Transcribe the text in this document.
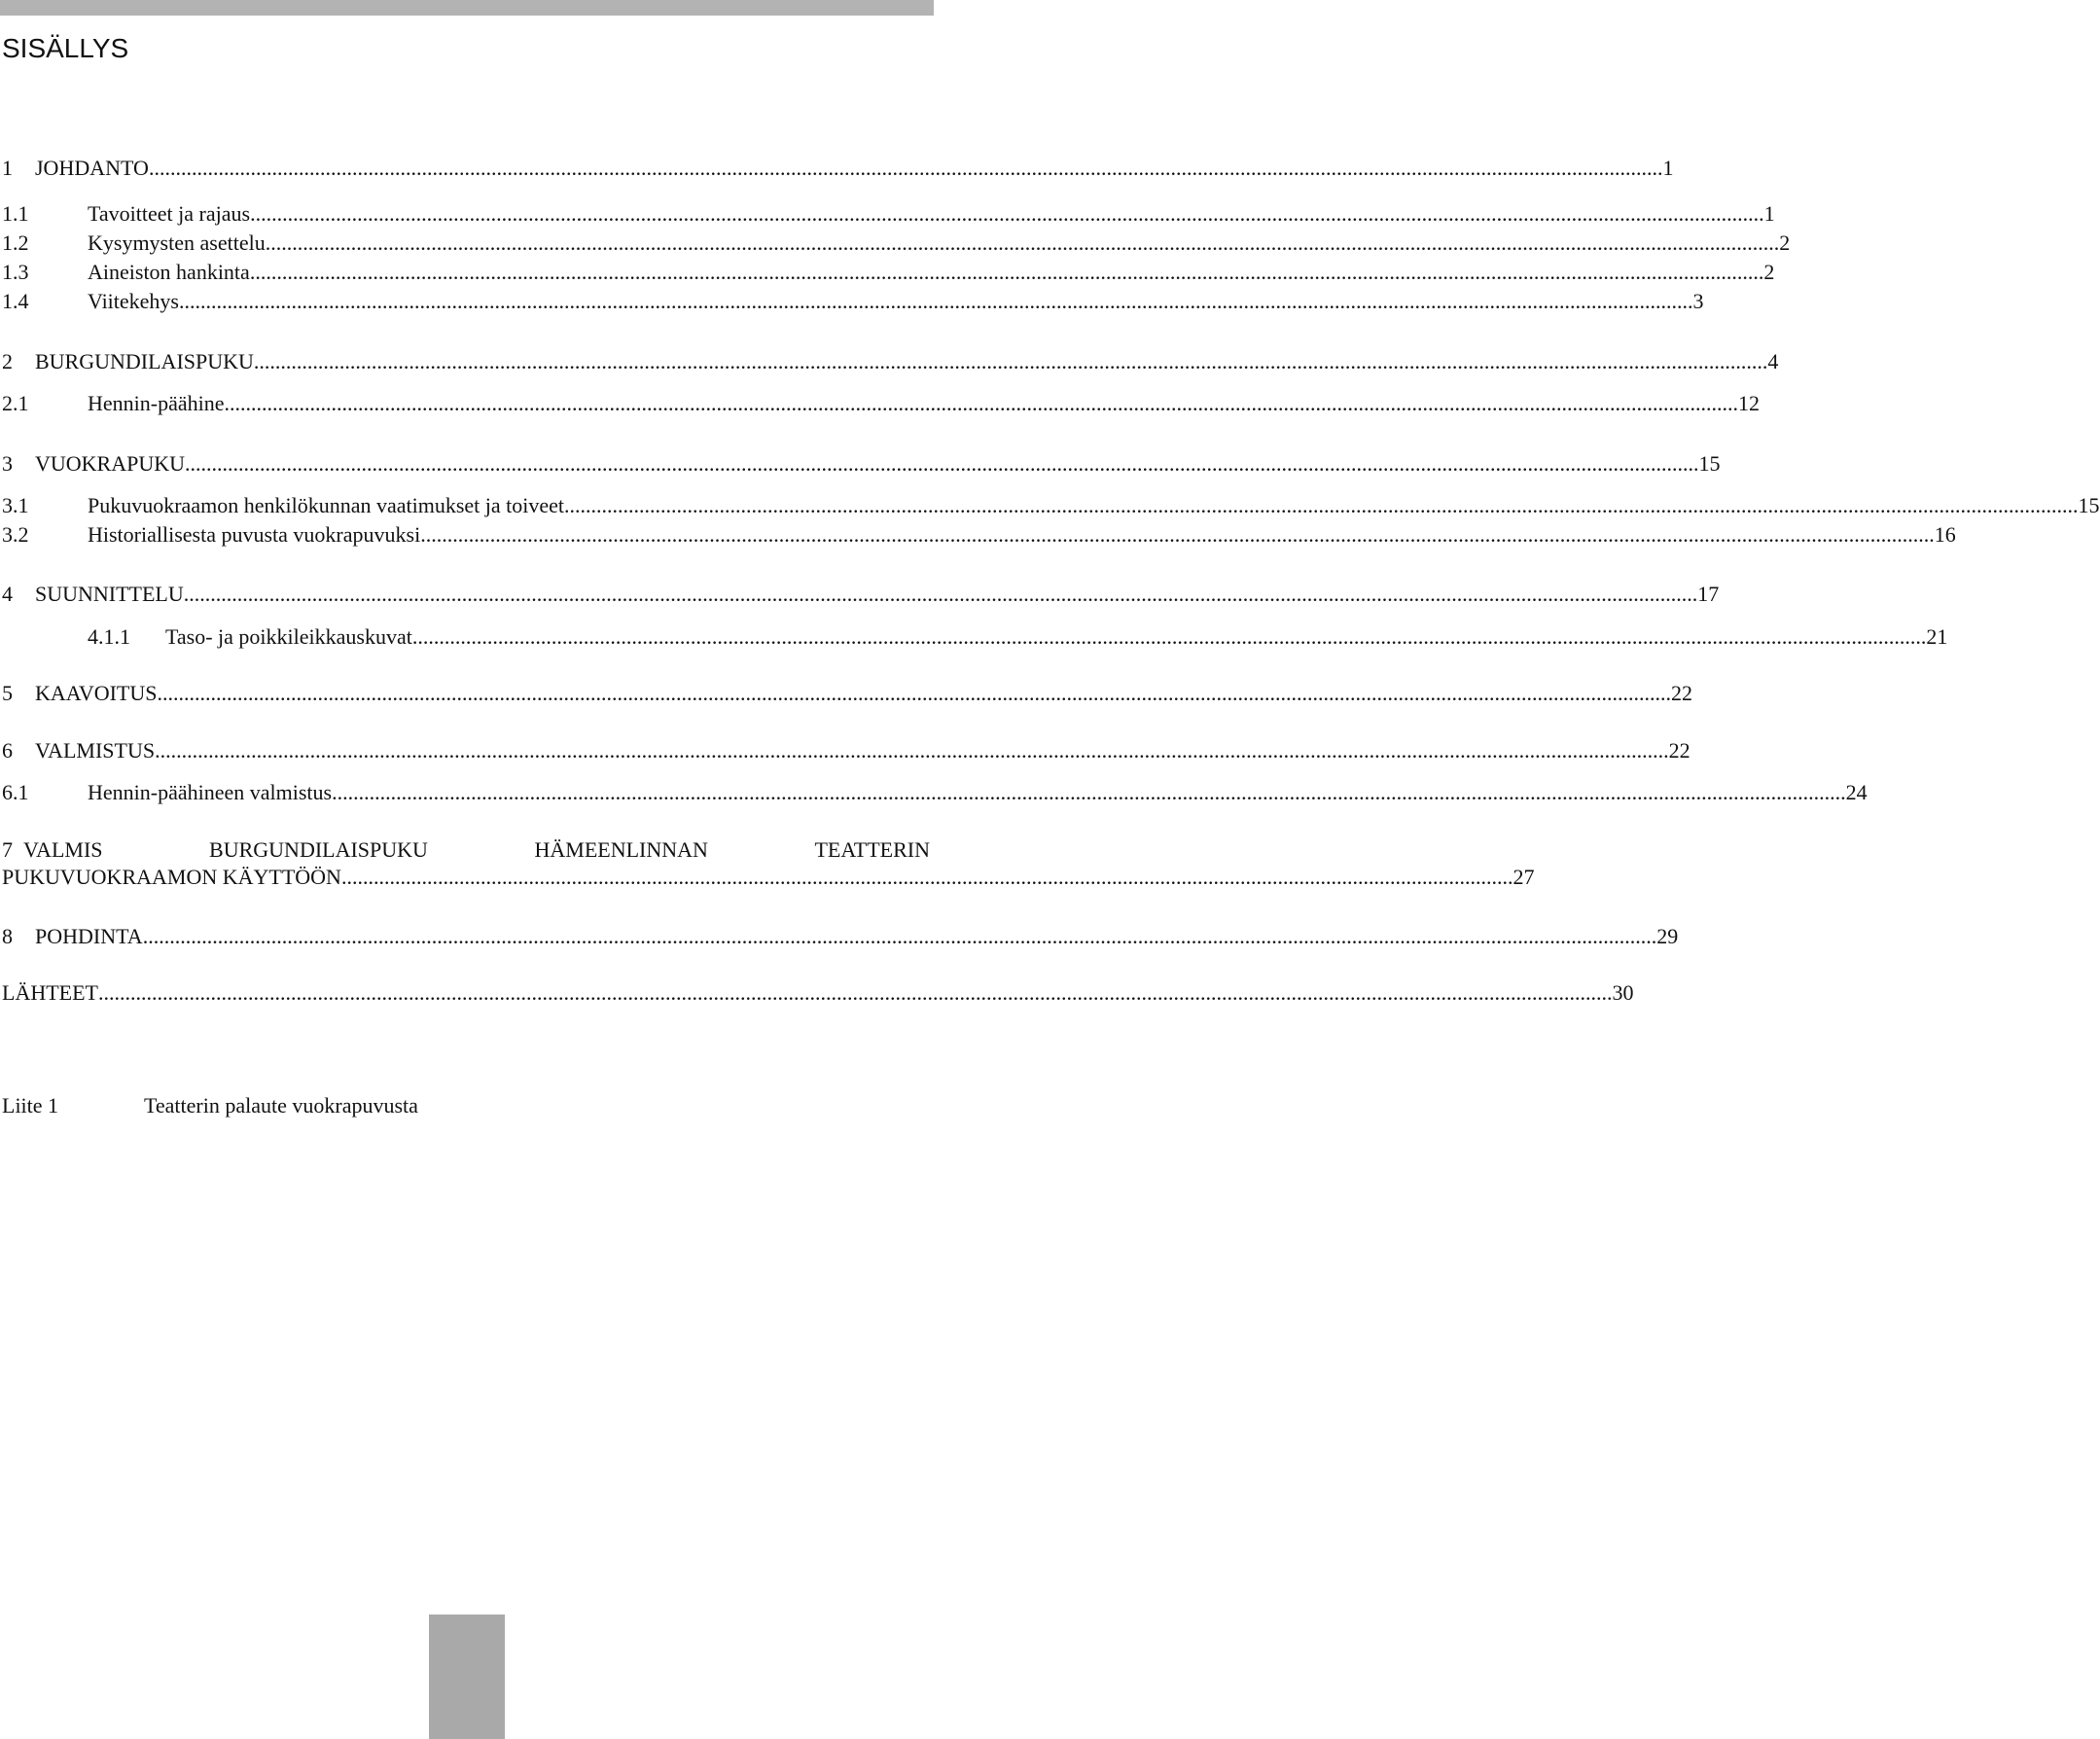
SISÄLLYS
1	JOHDANTO .....	1
1.1	Tavoitteet ja rajaus .....	1
1.2	Kysymysten asettelu .....	2
1.3	Aineiston hankinta .....	2
1.4	Viitekehys .....	3
2	BURGUNDILAISPUKU .....	4
2.1	Hennin-päähine .....	12
3	VUOKRAPUKU .....	15
3.1	Pukuvuokraamon henkilökunnan vaatimukset ja toiveet .....	15
3.2	Historiallisesta puvusta vuokrapuvuksi .....	16
4	SUUNNITTELU .....	17
4.1.1	Taso- ja poikkileikkauskuvat .....	21
5	KAAVOITUS .....	22
6	VALMISTUS .....	22
6.1	Hennin-päähineen valmistus .....	24
7 VALMIS	BURGUNDILAISPUKU	HÄMEENLINNAN	TEATTERIN
PUKUVUOKRAAMON KÄYTTÖÖN ........................................................................................................................................................................................................................... 27
8	POHDINTA .....	29
LÄHTEET .....	30
Liite 1	Teatterin palaute vuokrapuvusta
